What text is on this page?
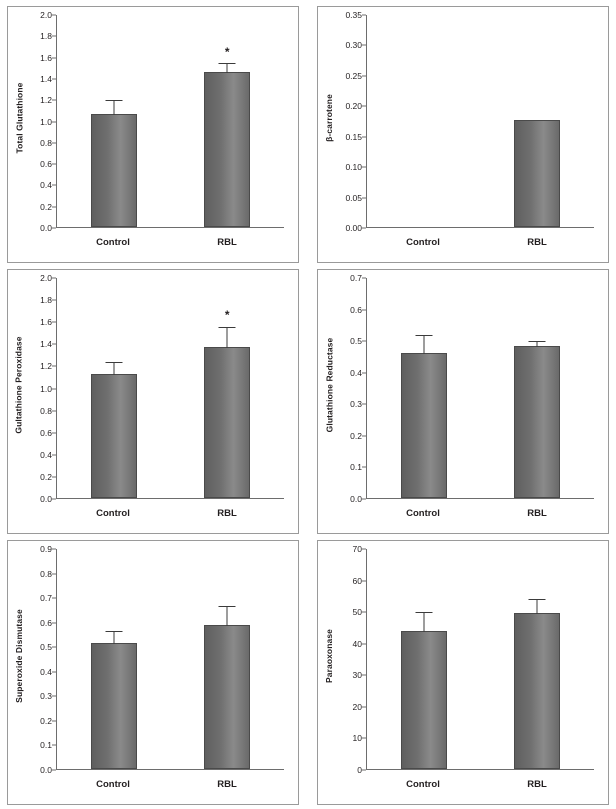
Total Glutathione
0.0
0.2
0.4
0.6
0.8
1.0
1.2
1.4
1.6
1.8
2.0
*
Control	RBL
β-carrotene
0.00
0.05
0.10
0.15
0.20
0.25
0.30
0.35
Control	RBL
Gultathione Peroxidase
0.0
0.2
0.4
0.6
0.8
1.0
1.2
1.4
1.6
1.8
2.0
*
Control	RBL
Glutathione Reductase
0.0
0.1
0.2
0.3
0.4
0.5
0.6
0.7
Control	RBL
Superoxide Dismutase
0.0
0.1
0.2
0.3
0.4
0.5
0.6
0.7
0.8
0.9
Control	RBL
Paraoxonase
0
10
20
30
40
50
60
70
Control	RBL
